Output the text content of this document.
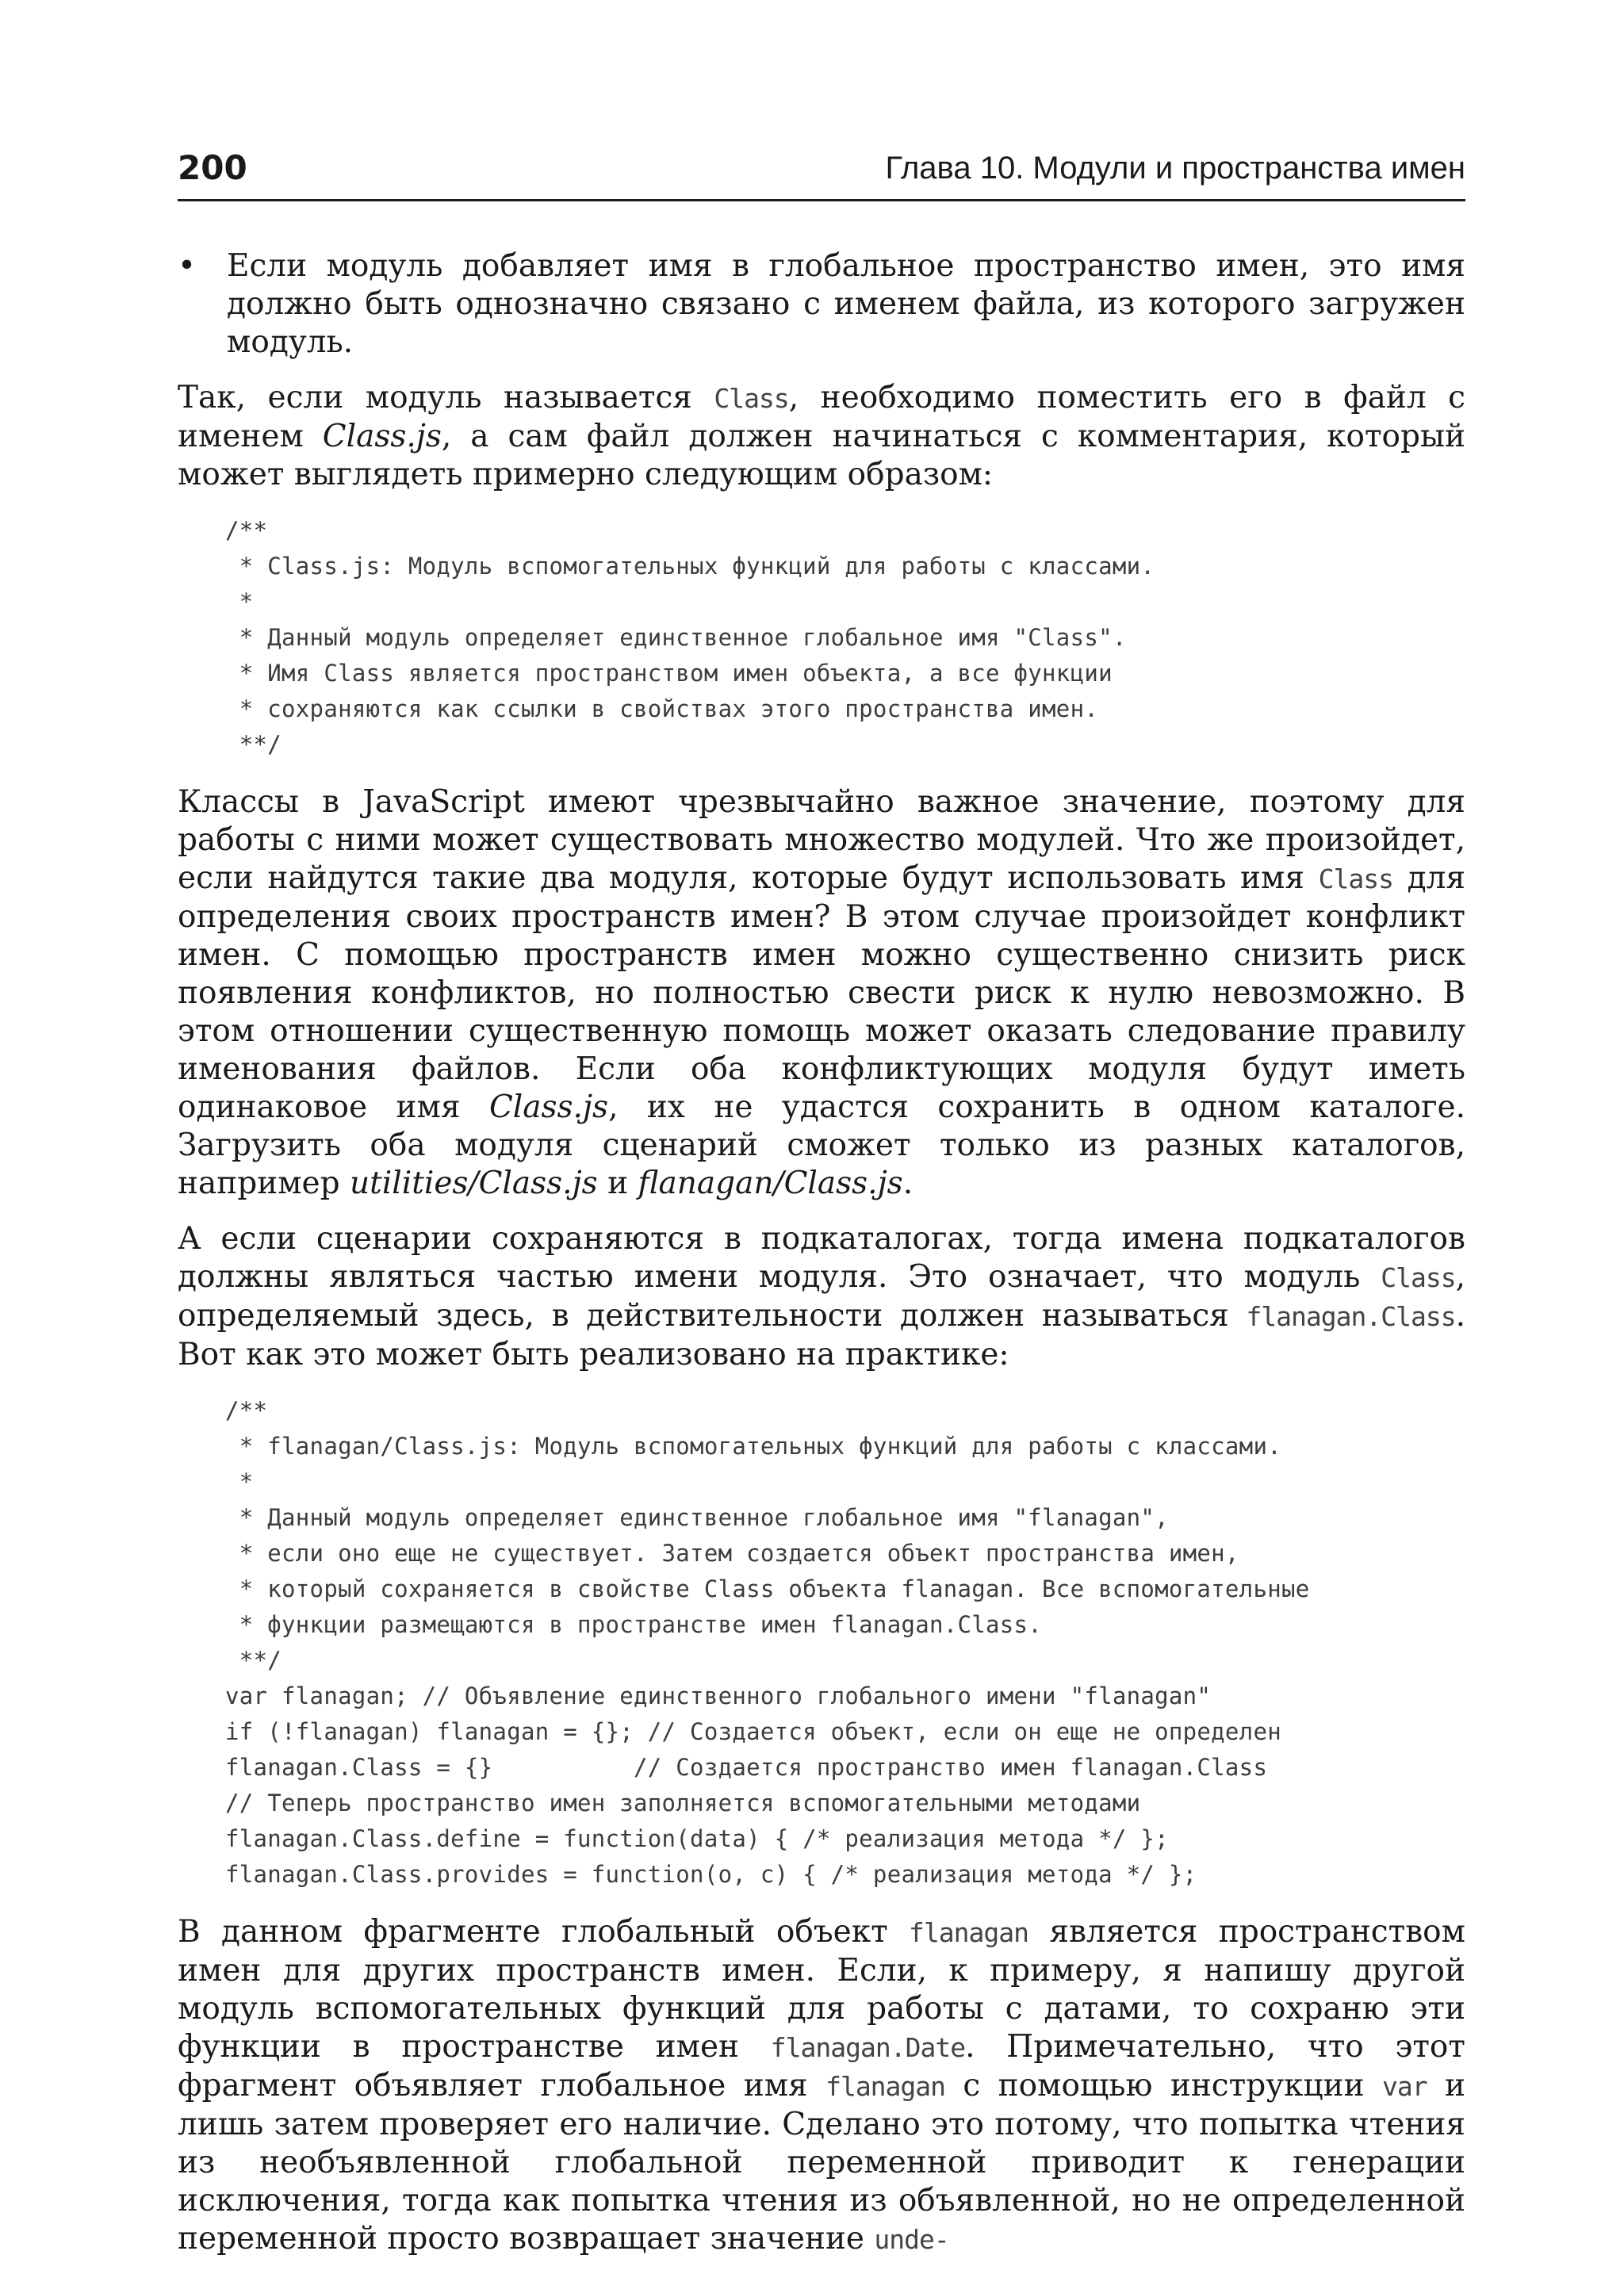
200	Глава 10. Модули и пространства имен

• Если модуль добавляет имя в глобальное пространство имен, это имя должно быть однозначно связано с именем файла, из которого загружен модуль.

Так, если модуль называется Class, необходимо поместить его в файл с именем Class.js, а сам файл должен начинаться с комментария, который может выглядеть примерно следующим образом:

/**
* Class.js: Модуль вспомогательных функций для работы с классами.
*
* Данный модуль определяет единственное глобальное имя "Class".
* Имя Class является пространством имен объекта, а все функции
* сохраняются как ссылки в свойствах этого пространства имен.
**/

Классы в JavaScript имеют чрезвычайно важное значение, поэтому для работы с ними может существовать множество модулей. Что же произойдет, если найдутся такие два модуля, которые будут использовать имя Class для определения своих пространств имен? В этом случае произойдет конфликт имен. С помощью пространств имен можно существенно снизить риск появления конфликтов, но полностью свести риск к нулю невозможно. В этом отношении существенную помощь может оказать следование правилу именования файлов. Если оба конфликтующих модуля будут иметь одинаковое имя Class.js, их не удастся сохранить в одном каталоге. Загрузить оба модуля сценарий сможет только из разных каталогов, например utilities/Class.js и flanagan/Class.js.

А если сценарии сохраняются в подкаталогах, тогда имена подкаталогов должны являться частью имени модуля. Это означает, что модуль Class, определяемый здесь, в действительности должен называться flanagan.Class. Вот как это может быть реализовано на практике:

/**
* flanagan/Class.js: Модуль вспомогательных функций для работы с классами.
*
* Данный модуль определяет единственное глобальное имя "flanagan",
* если оно еще не существует. Затем создается объект пространства имен,
* который сохраняется в свойстве Class объекта flanagan. Все вспомогательные
* функции размещаются в пространстве имен flanagan.Class.
**/
var flanagan; // Объявление единственного глобального имени "flanagan"
if (!flanagan) flanagan = {}; // Создается объект, если он еще не определен
flanagan.Class = {}          // Создается пространство имен flanagan.Class
// Теперь пространство имен заполняется вспомогательными методами
flanagan.Class.define = function(data) { /* реализация метода */ };
flanagan.Class.provides = function(o, c) { /* реализация метода */ };

В данном фрагменте глобальный объект flanagan является пространством имен для других пространств имен. Если, к примеру, я напишу другой модуль вспомогательных функций для работы с датами, то сохраню эти функции в пространстве имен flanagan.Date. Примечательно, что этот фрагмент объявляет глобальное имя flanagan с помощью инструкции var и лишь затем проверяет его наличие. Сделано это потому, что попытка чтения из необъявленной глобальной переменной приводит к генерации исключения, тогда как попытка чтения из объявленной, но не определенной переменной просто возвращает значение unde-
